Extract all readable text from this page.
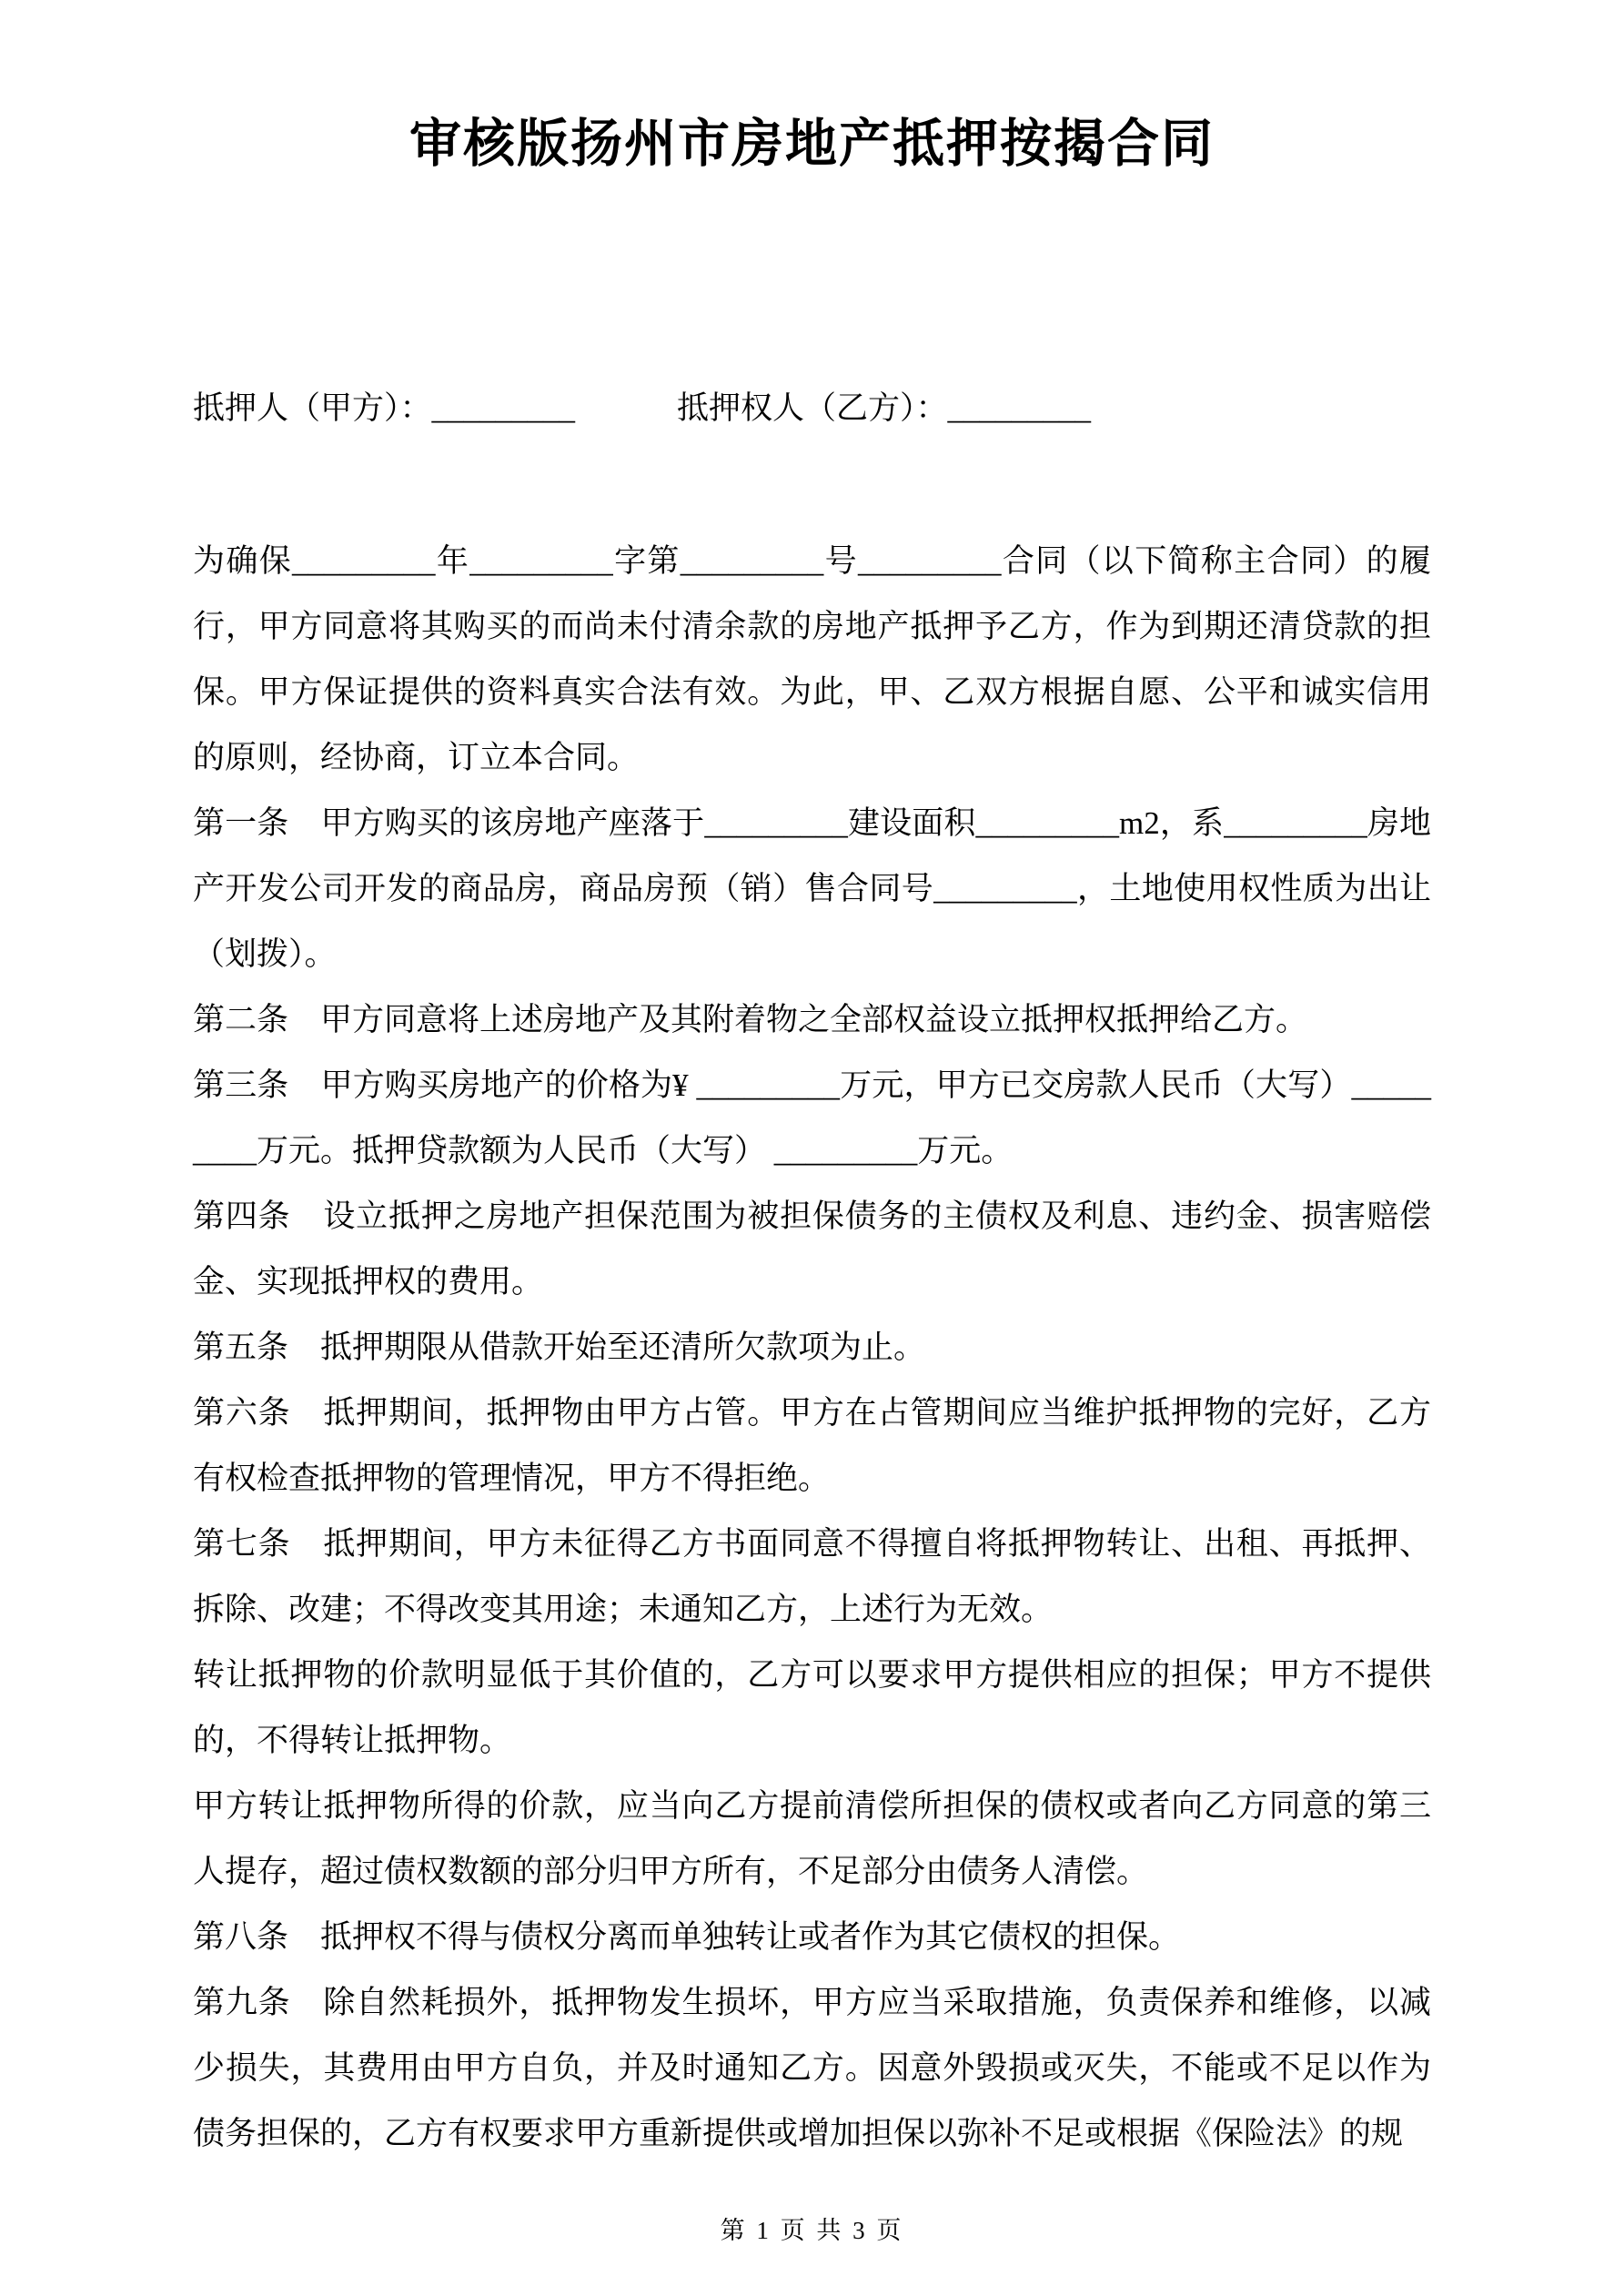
审核版扬州市房地产抵押按揭合同
抵押人（甲方）：_________	抵押权人（乙方）：_________

为确保_________年_________字第_________号_________合同（以下简称主合同）的履行，甲方同意将其购买的而尚未付清余款的房地产抵押予乙方，作为到期还清贷款的担保。甲方保证提供的资料真实合法有效。为此，甲、乙双方根据自愿、公平和诚实信用的原则，经协商，订立本合同。

第一条　甲方购买的该房地产座落于_________建设面积_________m2，系_________房地产开发公司开发的商品房，商品房预（销）售合同号_________，土地使用权性质为出让（划拨）。

第二条　甲方同意将上述房地产及其附着物之全部权益设立抵押权抵押给乙方。

第三条　甲方购买房地产的价格为¥ _________万元，甲方已交房款人民币（大写）_________万元。抵押贷款额为人民币（大写） _________万元。

第四条　设立抵押之房地产担保范围为被担保债务的主债权及利息、违约金、损害赔偿金、实现抵押权的费用。

第五条　抵押期限从借款开始至还清所欠款项为止。

第六条　抵押期间，抵押物由甲方占管。甲方在占管期间应当维护抵押物的完好，乙方有权检查抵押物的管理情况，甲方不得拒绝。

第七条　抵押期间，甲方未征得乙方书面同意不得擅自将抵押物转让、出租、再抵押、拆除、改建；不得改变其用途；未通知乙方，上述行为无效。

转让抵押物的价款明显低于其价值的，乙方可以要求甲方提供相应的担保；甲方不提供的，不得转让抵押物。

甲方转让抵押物所得的价款，应当向乙方提前清偿所担保的债权或者向乙方同意的第三人提存，超过债权数额的部分归甲方所有，不足部分由债务人清偿。

第八条　抵押权不得与债权分离而单独转让或者作为其它债权的担保。

第九条　除自然耗损外，抵押物发生损坏，甲方应当采取措施，负责保养和维修，以减少损失，其费用由甲方自负，并及时通知乙方。因意外毁损或灭失，不能或不足以作为债务担保的，乙方有权要求甲方重新提供或增加担保以弥补不足或根据《保险法》的规

第 1 页 共 3 页
